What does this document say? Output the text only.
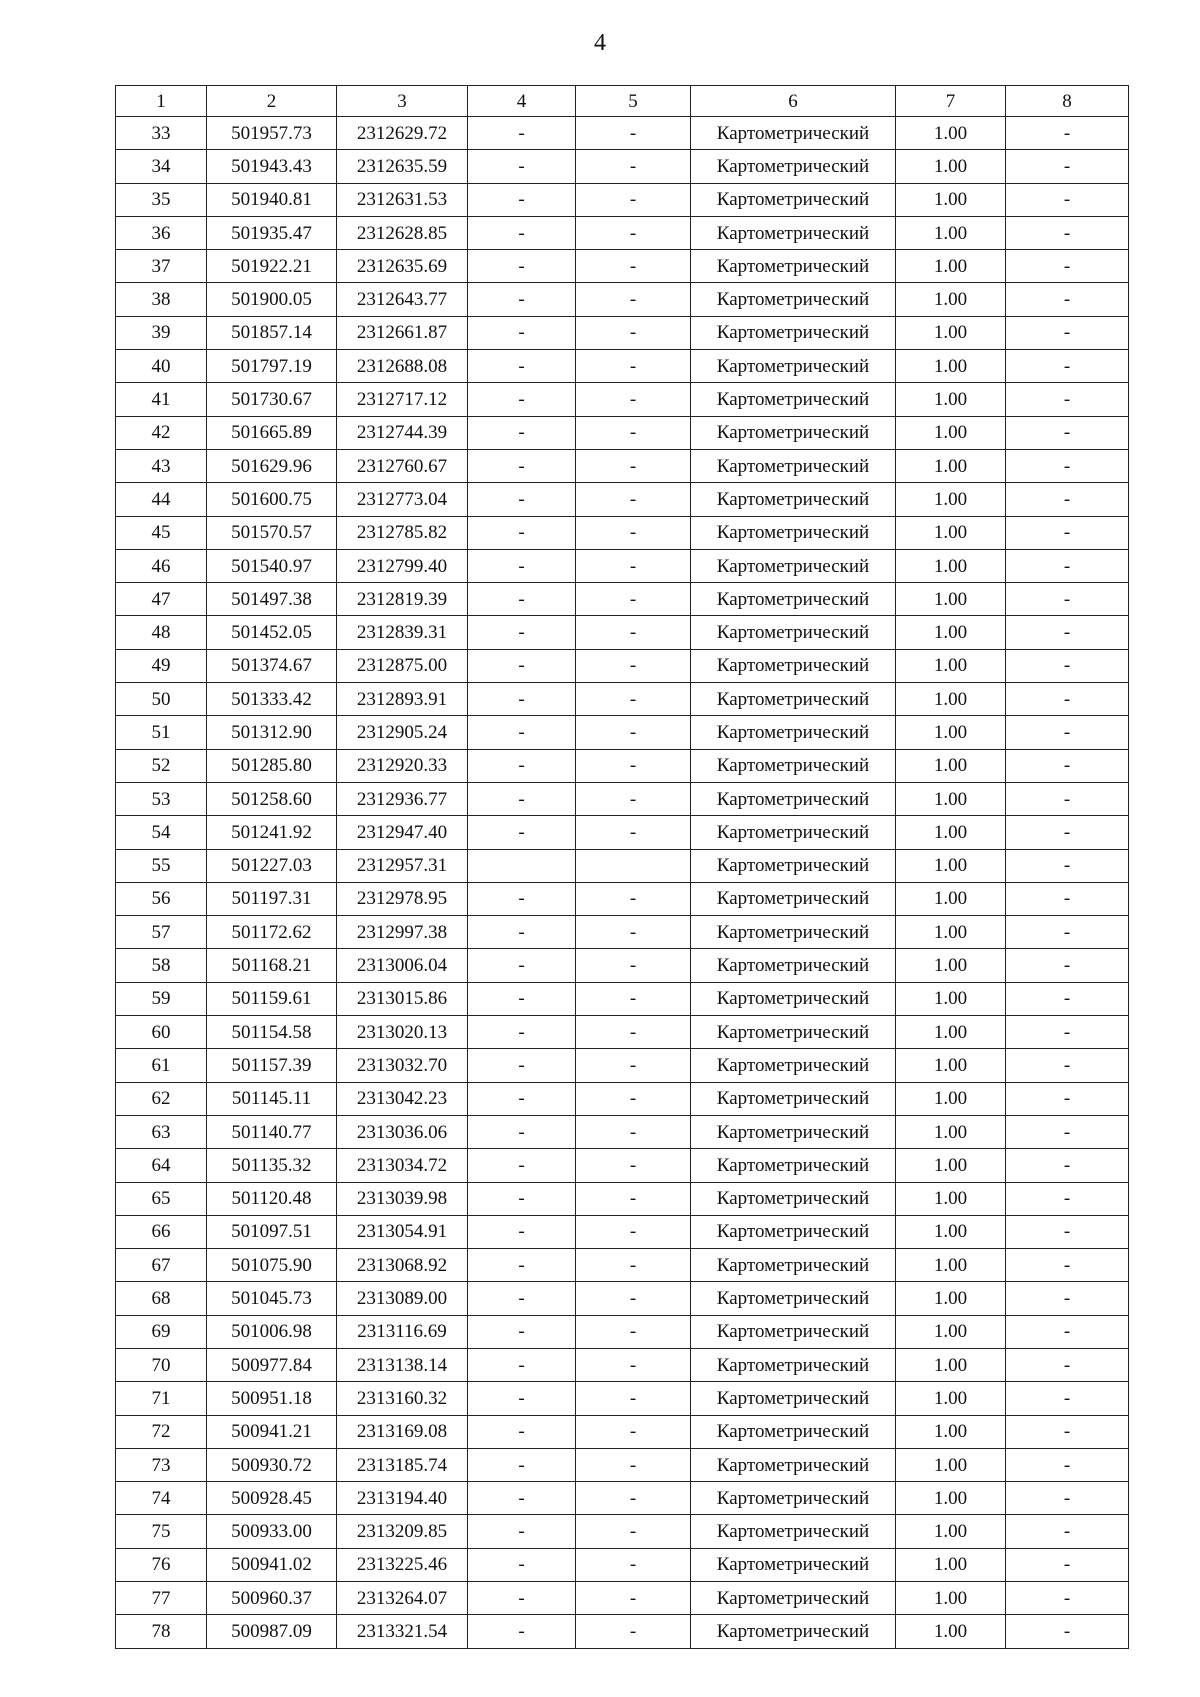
4
1	2	3	4	5	6	7	8
33	501957.73	2312629.72	-	-	Картометрический	1.00	-
34	501943.43	2312635.59	-	-	Картометрический	1.00	-
35	501940.81	2312631.53	-	-	Картометрический	1.00	-
36	501935.47	2312628.85	-	-	Картометрический	1.00	-
37	501922.21	2312635.69	-	-	Картометрический	1.00	-
38	501900.05	2312643.77	-	-	Картометрический	1.00	-
39	501857.14	2312661.87	-	-	Картометрический	1.00	-
40	501797.19	2312688.08	-	-	Картометрический	1.00	-
41	501730.67	2312717.12	-	-	Картометрический	1.00	-
42	501665.89	2312744.39	-	-	Картометрический	1.00	-
43	501629.96	2312760.67	-	-	Картометрический	1.00	-
44	501600.75	2312773.04	-	-	Картометрический	1.00	-
45	501570.57	2312785.82	-	-	Картометрический	1.00	-
46	501540.97	2312799.40	-	-	Картометрический	1.00	-
47	501497.38	2312819.39	-	-	Картометрический	1.00	-
48	501452.05	2312839.31	-	-	Картометрический	1.00	-
49	501374.67	2312875.00	-	-	Картометрический	1.00	-
50	501333.42	2312893.91	-	-	Картометрический	1.00	-
51	501312.90	2312905.24	-	-	Картометрический	1.00	-
52	501285.80	2312920.33	-	-	Картометрический	1.00	-
53	501258.60	2312936.77	-	-	Картометрический	1.00	-
54	501241.92	2312947.40	-	-	Картометрический	1.00	-
55	501227.03	2312957.31			Картометрический	1.00	-
56	501197.31	2312978.95	-	-	Картометрический	1.00	-
57	501172.62	2312997.38	-	-	Картометрический	1.00	-
58	501168.21	2313006.04	-	-	Картометрический	1.00	-
59	501159.61	2313015.86	-	-	Картометрический	1.00	-
60	501154.58	2313020.13	-	-	Картометрический	1.00	-
61	501157.39	2313032.70	-	-	Картометрический	1.00	-
62	501145.11	2313042.23	-	-	Картометрический	1.00	-
63	501140.77	2313036.06	-	-	Картометрический	1.00	-
64	501135.32	2313034.72	-	-	Картометрический	1.00	-
65	501120.48	2313039.98	-	-	Картометрический	1.00	-
66	501097.51	2313054.91	-	-	Картометрический	1.00	-
67	501075.90	2313068.92	-	-	Картометрический	1.00	-
68	501045.73	2313089.00	-	-	Картометрический	1.00	-
69	501006.98	2313116.69	-	-	Картометрический	1.00	-
70	500977.84	2313138.14	-	-	Картометрический	1.00	-
71	500951.18	2313160.32	-	-	Картометрический	1.00	-
72	500941.21	2313169.08	-	-	Картометрический	1.00	-
73	500930.72	2313185.74	-	-	Картометрический	1.00	-
74	500928.45	2313194.40	-	-	Картометрический	1.00	-
75	500933.00	2313209.85	-	-	Картометрический	1.00	-
76	500941.02	2313225.46	-	-	Картометрический	1.00	-
77	500960.37	2313264.07	-	-	Картометрический	1.00	-
78	500987.09	2313321.54	-	-	Картометрический	1.00	-
